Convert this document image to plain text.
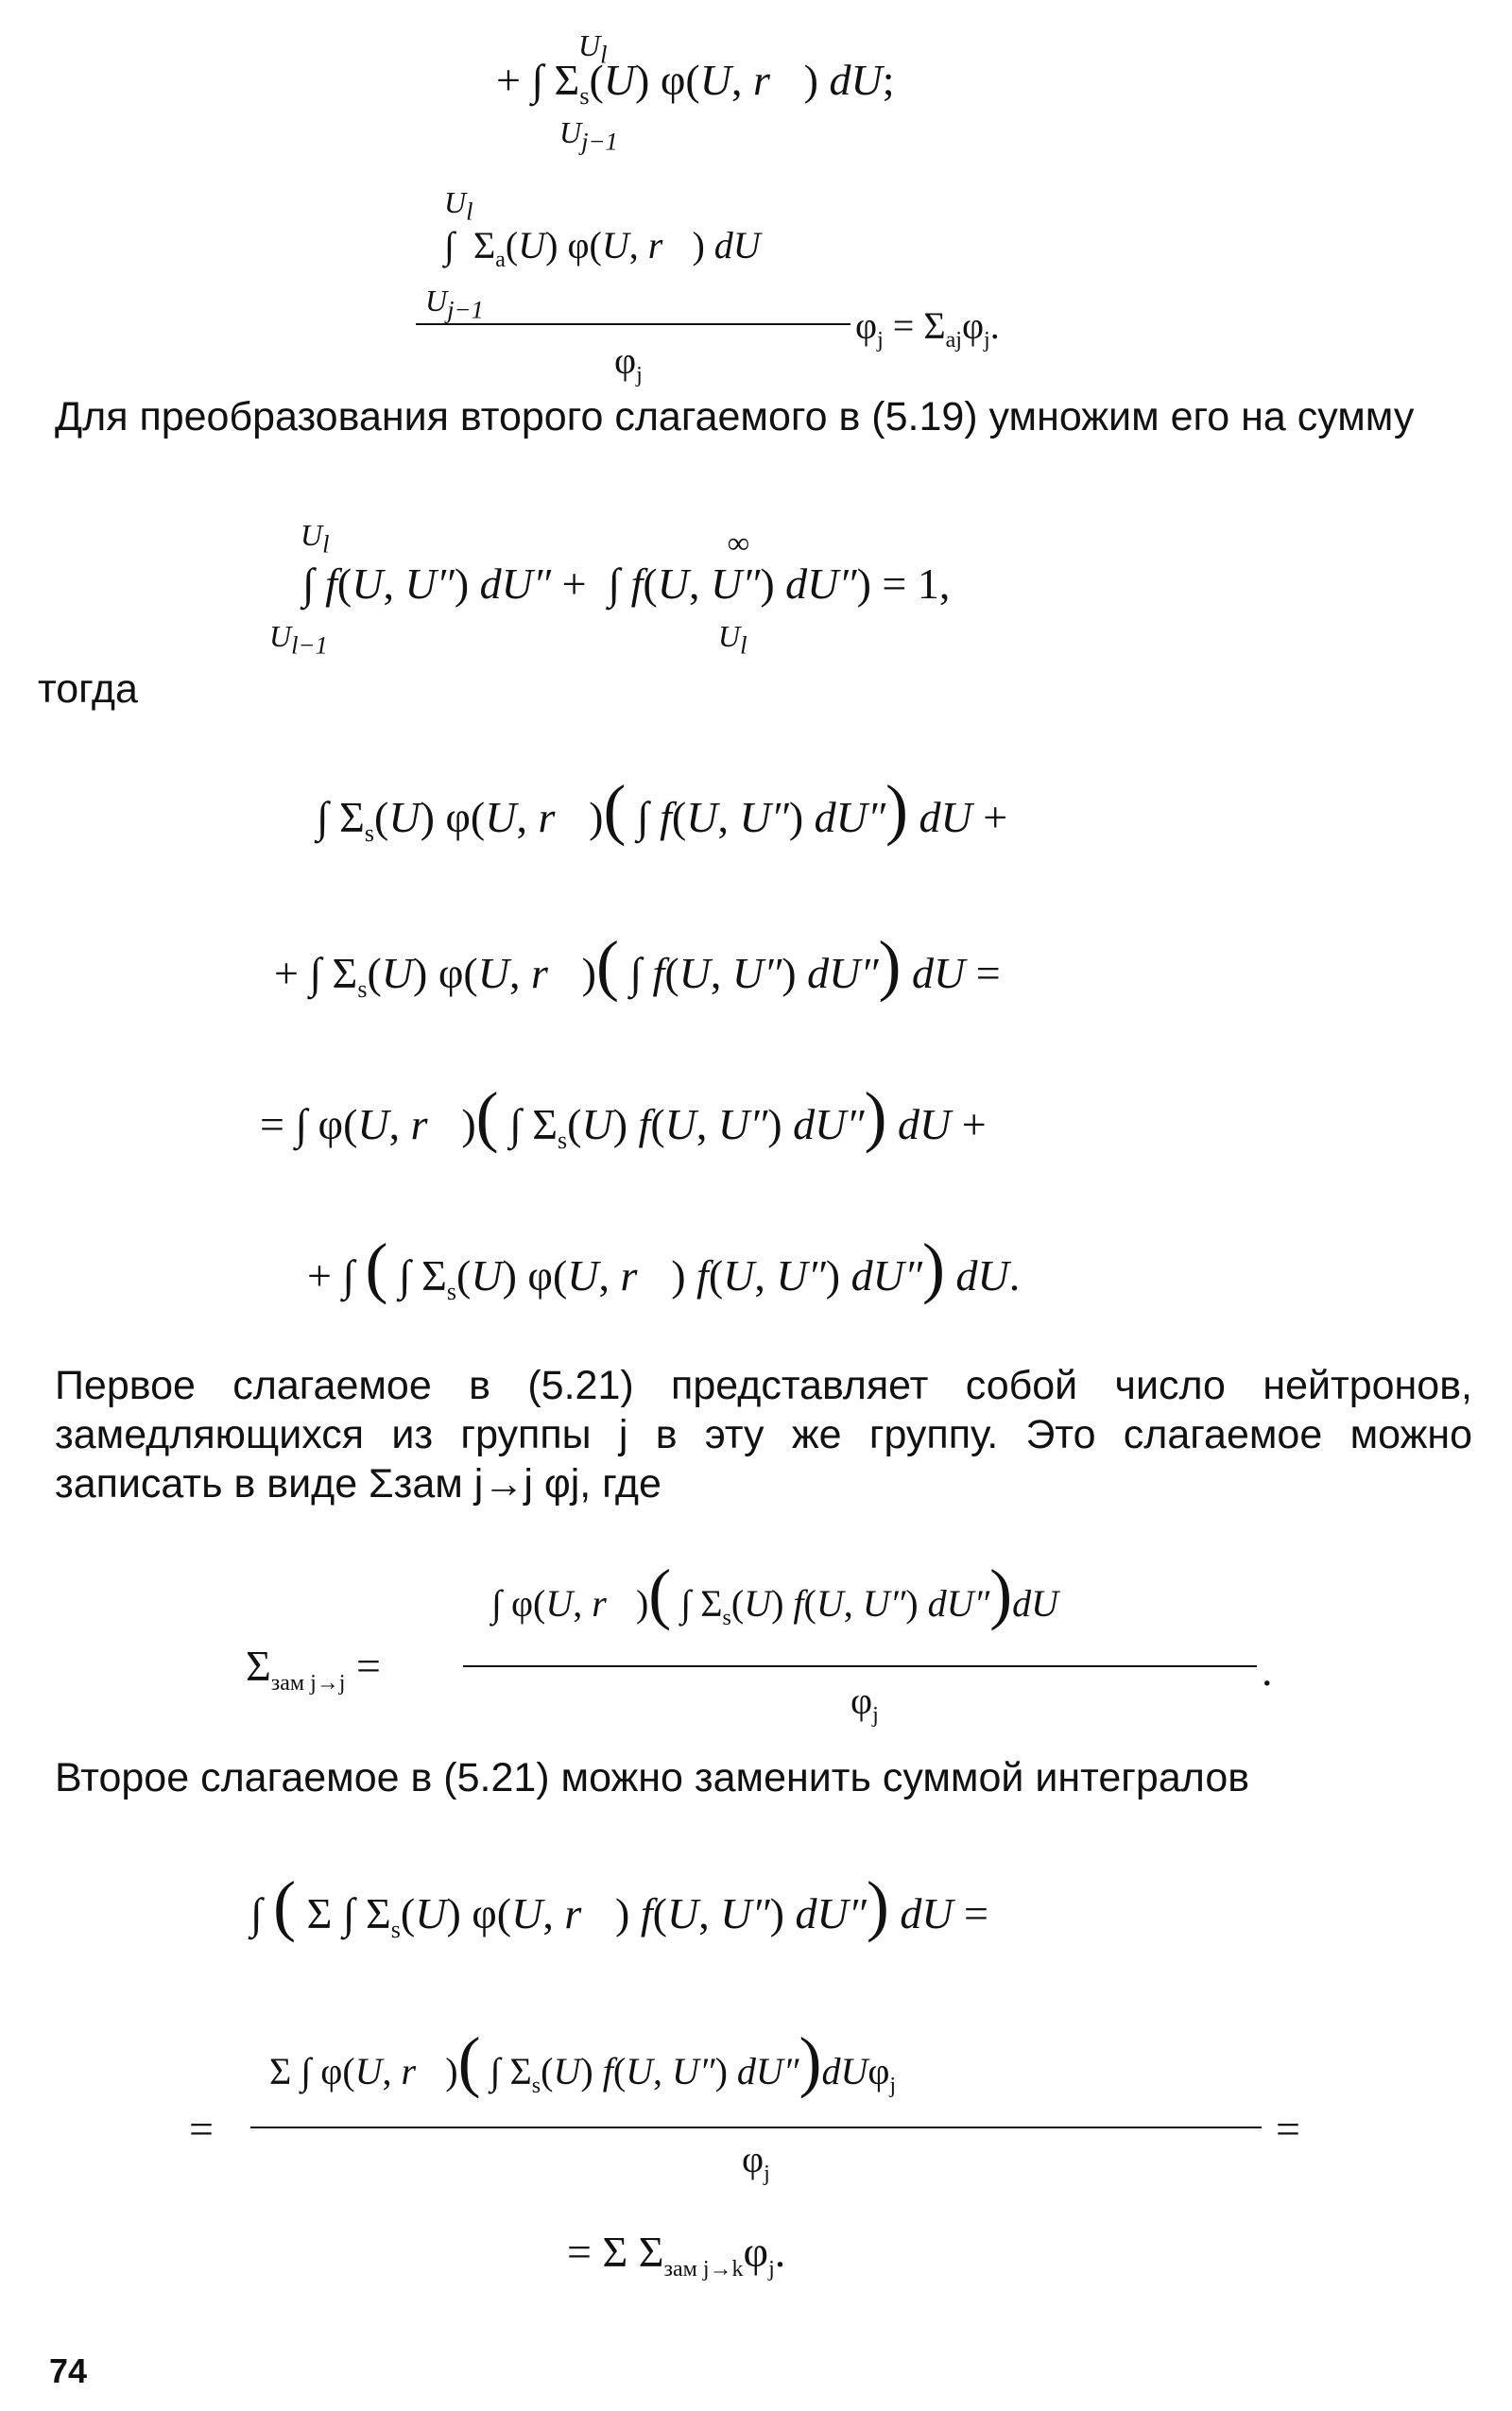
$U_l$
+ ∫ $\Sigma_s(U)$ φ(U, r⃗) dU;
$U_{j-1}$
$U_l$
∫  $\Sigma_a(U)$ φ(U, r⃗) dU
$U_{j-1}$	$\varphi_j = \Sigma_{aj}\varphi_j$.
$\varphi_j$
Для преобразования второго слагаемого в (5.19) умножим его на сумму
$U_l$
∫ f(U, U″) dU″ +  ∫ f(U, U″) dU″) = 1,
∞
$U_{l-1}$	$U_l$
тогда
∫ $\Sigma_s(U)$ φ(U, r⃗)( ∫ f(U, U″) dU″) dU +
+ ∫ $\Sigma_s(U)$ φ(U, r⃗)( ∫ f(U, U″) dU″) dU =
= ∫ φ(U, r⃗)( ∫ $\Sigma_s(U)$ f(U, U″) dU″) dU +
+ ∫ ( ∫ $\Sigma_s(U)$ φ(U, r⃗) f(U, U″) dU″) dU.
Первое слагаемое в (5.21) представляет собой число нейтронов, замедляющихся из группы j в эту же группу. Это слагаемое можно записать в виде Σзам j→j φj, где
$\Sigma_{зам j\to j}$ =
∫ φ(U, r⃗)( ∫ $\Sigma_s(U)$ f(U, U″) dU″)dU
.
$\varphi_j$
Второе слагаемое в (5.21) можно заменить суммой интегралов
∫ ( Σ ∫ $\Sigma_s(U)$ φ(U, r⃗) f(U, U″) dU″) dU =
Σ ∫ φ(U, r⃗)( ∫ $\Sigma_s(U)$ f(U, U″) dU″)dUφ$_j$
=	=
$\varphi_j$
= Σ $\Sigma_{зам j\to k}\varphi_j$.
74
